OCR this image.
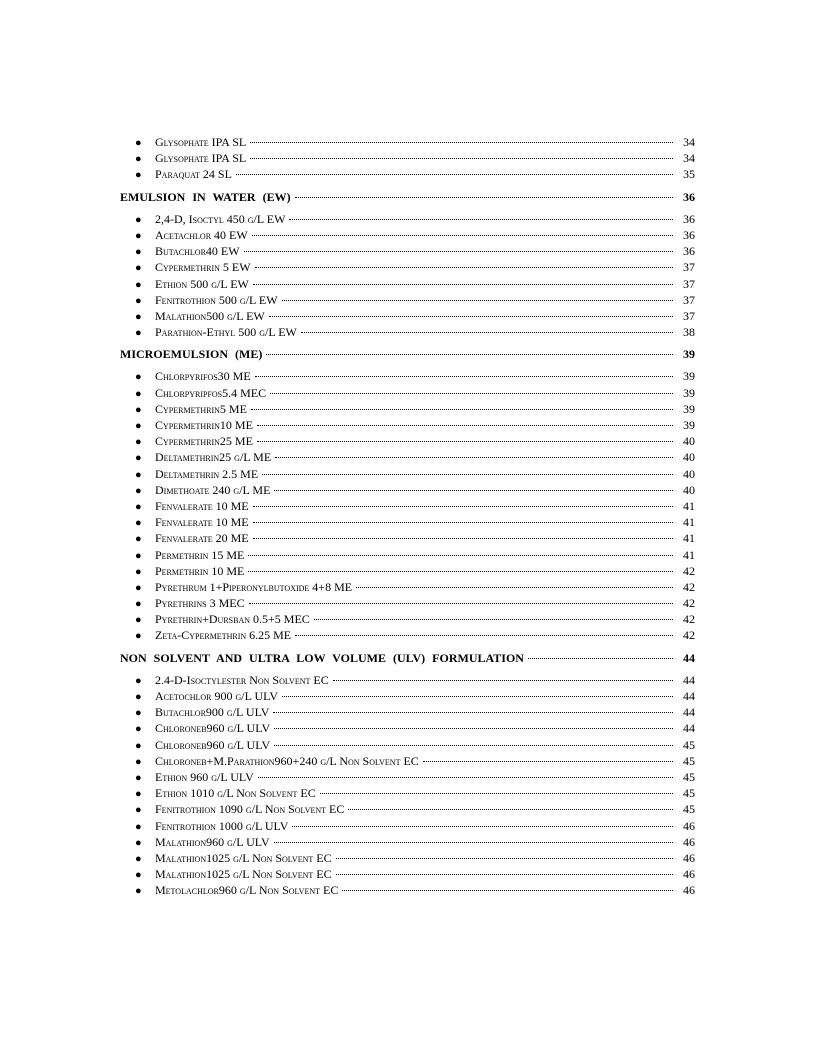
●	Glysophate IPA SL	34
●	Glysophate IPA SL	34
●	Paraquat 24 SL	35
EMULSION IN WATER (EW)	36
●	2,4-D, Isoctyl 450 g/L EW	36
●	Acetachlor 40 EW	36
●	Butachlor40 EW	36
●	Cypermethrin 5 EW	37
●	Ethion 500 g/L EW	37
●	Fenitrothion 500 g/L EW	37
●	Malathion500 g/L EW	37
●	Parathion-Ethyl 500 g/L EW	38
MICROEMULSION (ME)	39
●	Chlorpyrifos30 ME	39
●	Chlorpyripfos5.4 MEC	39
●	Cypermethrin5 ME	39
●	Cypermethrin10 ME	39
●	Cypermethrin25 ME	40
●	Deltamethrin25 g/L ME	40
●	Deltamethrin 2.5 ME	40
●	Dimethoate 240 g/L ME	40
●	Fenvalerate 10 ME	41
●	Fenvalerate 10 ME	41
●	Fenvalerate 20 ME	41
●	Permethrin 15 ME	41
●	Permethrin 10 ME	42
●	Pyrethrum 1+Piperonylbutoxide 4+8 ME	42
●	Pyrethrins 3 MEC	42
●	Pyrethrin+Dursban 0.5+5 MEC	42
●	Zeta-Cypermethrin 6.25 ME	42
NON SOLVENT AND ULTRA LOW VOLUME (ULV) FORMULATION	44
●	2.4-D-Isoctylester Non Solvent EC	44
●	Acetochlor 900 g/L ULV	44
●	Butachlor900 g/L ULV	44
●	Chloroneb960 g/L ULV	44
●	Chloroneb960 g/L ULV	45
●	Chloroneb+M.Parathion960+240 g/L Non Solvent EC	45
●	Ethion 960 g/L ULV	45
●	Ethion 1010 g/L Non Solvent EC	45
●	Fenitrothion 1090 g/L Non Solvent EC	45
●	Fenitrothion 1000 g/L ULV	46
●	Malathion960 g/L ULV	46
●	Malathion1025 g/L Non Solvent EC	46
●	Malathion1025 g/L Non Solvent EC	46
●	Metolachlor960 g/L Non Solvent EC	46
